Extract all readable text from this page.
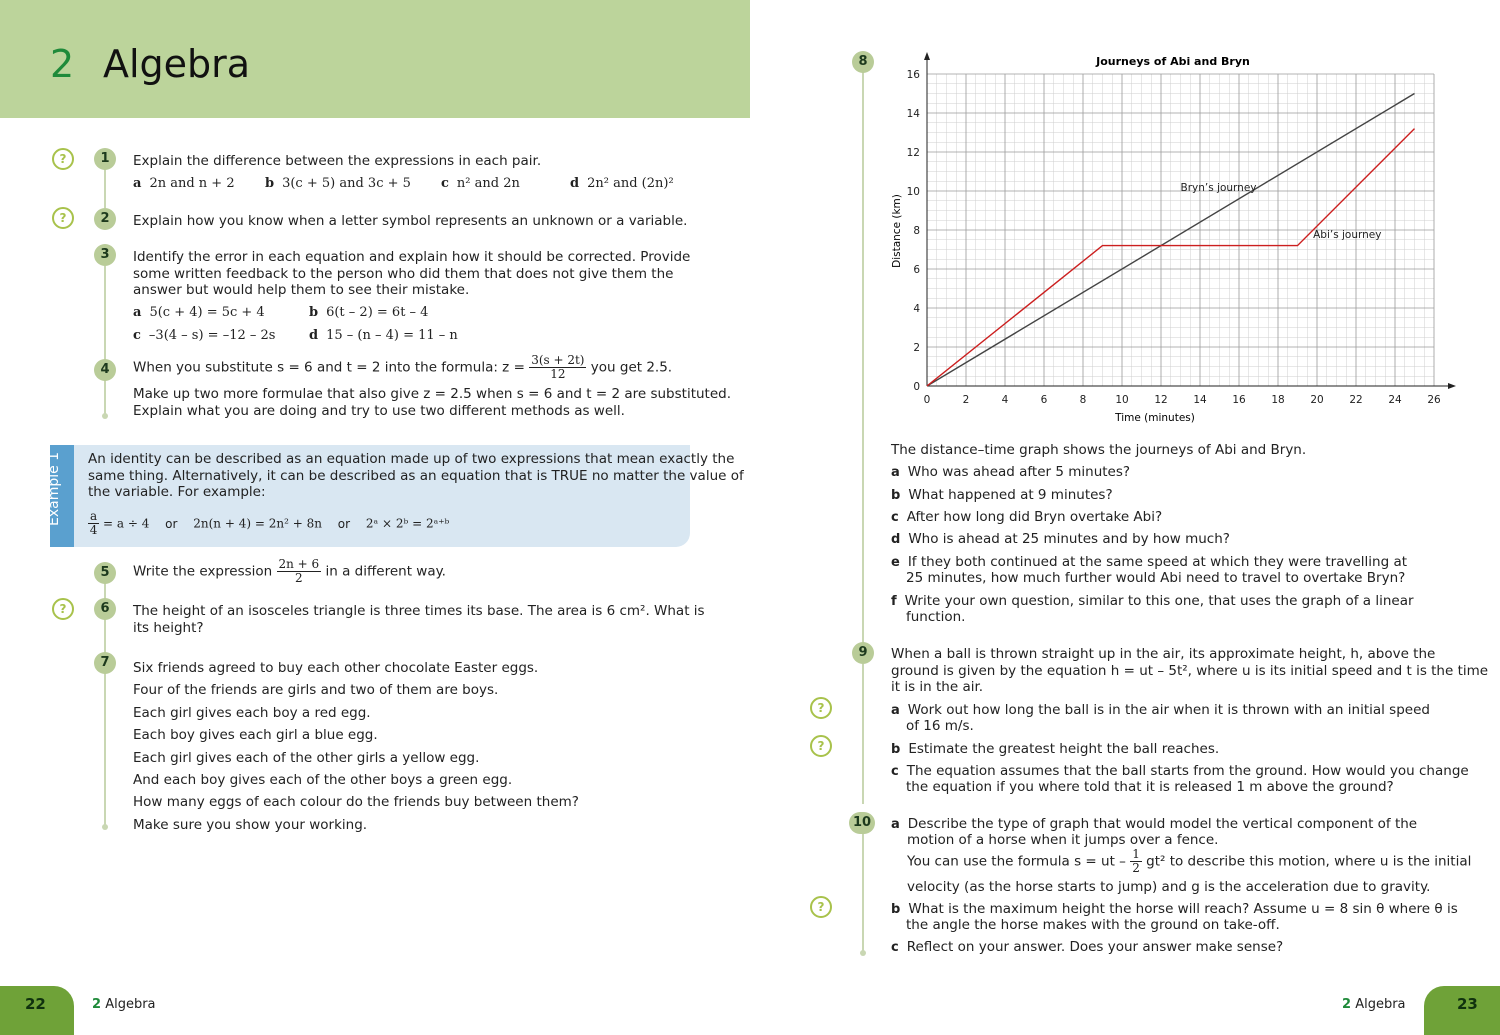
2 Algebra
?	1	Explain the difference between the expressions in each pair.
a 2n and n + 2 b 3(c + 5) and 3c + 5 c n² and 2n	d 2n² and (2n)²
?	2	Explain how you know when a letter symbol represents an unknown or a variable.
3	Identify the error in each equation and explain how it should be corrected. Provide
some written feedback to the person who did them that does not give them the
answer but would help them to see their mistake.
a 5(c + 4) = 5c + 4	b 6(t – 2) = 6t – 4
c –3(4 – s) = –12 – 2s	d 15 – (n – 4) = 11 – n
4	When you substitute s = 6 and t = 2 into the formula: $z = \frac{3(s + 2t)}{12}$ you get 2.5.
Make up two more formulae that also give z = 2.5 when s = 6 and t = 2 are substituted.
Explain what you are doing and try to use two different methods as well.
Example 1 An identity can be described as an equation made up of two expressions that mean exactly the
same thing. Alternatively, it can be described as an equation that is TRUE no matter the value of
the variable. For example:
$\frac{a}{4} = a \div 4$ or 2n(n + 4) = 2n² + 8n or 2ᵃ × 2ᵇ = 2ᵃ⁺ᵇ
5	Write the expression $\frac{2n + 6}{2}$ in a different way.
?	6	The height of an isosceles triangle is three times its base. The area is 6 cm². What is
its height?
7	Six friends agreed to buy each other chocolate Easter eggs.
Four of the friends are girls and two of them are boys.
Each girl gives each boy a red egg.
Each boy gives each girl a blue egg.
Each girl gives each of the other girls a yellow egg.
And each boy gives each of the other boys a green egg.
How many eggs of each colour do the friends buy between them?
Make sure you show your working.
8
0	2	4	6	8	10 12 14 16 18 20 22 24 26
0
2
4
6
8
10
12
14
16
Bryn’s journey
Abi’s journey
Journeys of Abi and Bryn
Time (minutes)
Distance (km)
The distance–time graph shows the journeys of Abi and Bryn.
a Who was ahead after 5 minutes?
b What happened at 9 minutes?
c After how long did Bryn overtake Abi?
d Who is ahead at 25 minutes and by how much?
e If they both continued at the same speed at which they were travelling at
25 minutes, how much further would Abi need to travel to overtake Bryn?
f Write your own question, similar to this one, that uses the graph of a linear
function.
9	When a ball is thrown straight up in the air, its approximate height, h, above the
ground is given by the equation h = ut – 5t², where u is its initial speed and t is the time
it is in the air.
?	a Work out how long the ball is in the air when it is thrown with an initial speed
of 16 m/s.
?	b Estimate the greatest height the ball reaches.
c The equation assumes that the ball starts from the ground. How would you change
the equation if you where told that it is released 1 m above the ground?
10	a Describe the type of graph that would model the vertical component of the
motion of a horse when it jumps over a fence.
You can use the formula s = ut – $\frac{1}{2} gt^2$ to describe this motion, where u is the initial
velocity (as the horse starts to jump) and g is the acceleration due to gravity.
?	b What is the maximum height the horse will reach? Assume u = 8 sin θ where θ is
the angle the horse makes with the ground on take-off.
c Reflect on your answer. Does your answer make sense?
22	2 Algebra	23
2 Algebra
